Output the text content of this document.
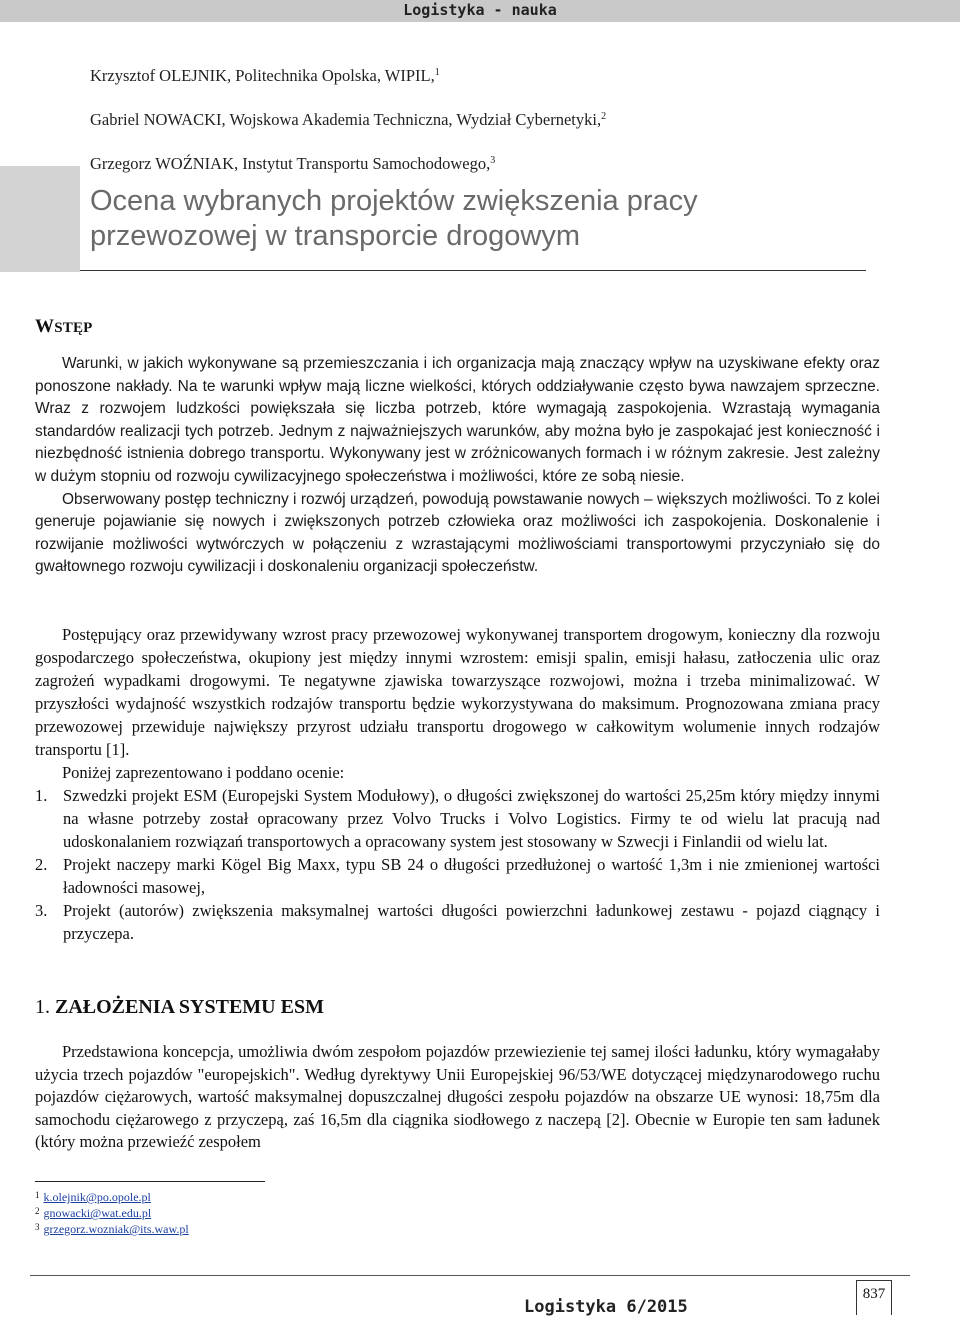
Logistyka - nauka
Krzysztof OLEJNIK, Politechnika Opolska, WIPIL,$^1$
Gabriel NOWACKI, Wojskowa Akademia Techniczna, Wydział Cybernetyki,$^2$
Grzegorz WOŹNIAK, Instytut Transportu Samochodowego,$^3$
Ocena wybranych projektów zwiększenia pracy
przewozowej w transporcie drogowym
WSTĘP

Warunki, w jakich wykonywane są przemieszczania i ich organizacja mają znaczący wpływ na uzyskiwane efekty oraz ponoszone nakłady. Na te warunki wpływ mają liczne wielkości, których oddziaływanie często bywa nawzajem sprzeczne. Wraz z rozwojem ludzkości powiększała się liczba potrzeb, które wymagają zaspokojenia. Wzrastają wymagania standardów realizacji tych potrzeb. Jednym z najważniejszych warunków, aby można było je zaspokajać jest konieczność i niezbędność istnienia dobrego transportu. Wykonywany jest w zróżnicowanych formach i w różnym zakresie. Jest zależny w dużym stopniu od rozwoju cywilizacyjnego społeczeństwa i możliwości, które ze sobą niesie.

Obserwowany postęp techniczny i rozwój urządzeń, powodują powstawanie nowych – większych możliwości. To z kolei generuje pojawianie się nowych i zwiększonych potrzeb człowieka oraz możliwości ich zaspokojenia. Doskonalenie i rozwijanie możliwości wytwórczych w połączeniu z wzrastającymi możliwościami transportowymi przyczyniało się do gwałtownego rozwoju cywilizacji i doskonaleniu organizacji społeczeństw.

Postępujący oraz przewidywany wzrost pracy przewozowej wykonywanej transportem drogowym, konieczny dla rozwoju gospodarczego społeczeństwa, okupiony jest między innymi wzrostem: emisji spalin, emisji hałasu, zatłoczenia ulic oraz zagrożeń wypadkami drogowymi. Te negatywne zjawiska towarzyszące rozwojowi, można i trzeba minimalizować. W przyszłości wydajność wszystkich rodzajów transportu będzie wykorzystywana do maksimum. Prognozowana zmiana pracy przewozowej przewiduje największy przyrost udziału transportu drogowego w całkowitym wolumenie innych rodzajów transportu [1].

Poniżej zaprezentowano i poddano ocenie:

1. Szwedzki projekt ESM (Europejski System Modułowy), o długości zwiększonej do wartości 25,25m który między innymi na własne potrzeby został opracowany przez Volvo Trucks i Volvo Logistics. Firmy te od wielu lat pracują nad udoskonalaniem rozwiązań transportowych a opracowany system jest stosowany w Szwecji i Finlandii od wielu lat.
2. Projekt naczepy marki Kögel Big Maxx, typu SB 24 o długości przedłużonej o wartość 1,3m i nie zmienionej wartości ładowności masowej,
3. Projekt (autorów) zwiększenia maksymalnej wartości długości powierzchni ładunkowej zestawu - pojazd ciągnący i przyczepa.
1. ZAŁOŻENIA SYSTEMU ESM

Przedstawiona koncepcja, umożliwia dwóm zespołom pojazdów przewiezienie tej samej ilości ładunku, który wymagałaby użycia trzech pojazdów "europejskich". Według dyrektywy Unii Europejskiej 96/53/WE dotyczącej międzynarodowego ruchu pojazdów ciężarowych, wartość maksymalnej dopuszczalnej długości zespołu pojazdów na obszarze UE wynosi: 18,75m dla samochodu ciężarowego z przyczepą, zaś 16,5m dla ciągnika siodłowego z naczepą [2]. Obecnie w Europie ten sam ładunek (który można przewieźć zespołem

$^1$ k.olejnik@po.opole.pl
$^2$ gnowacki@wat.edu.pl
$^3$ grzegorz.wozniak@its.waw.pl
Logistyka 6/2015
837
